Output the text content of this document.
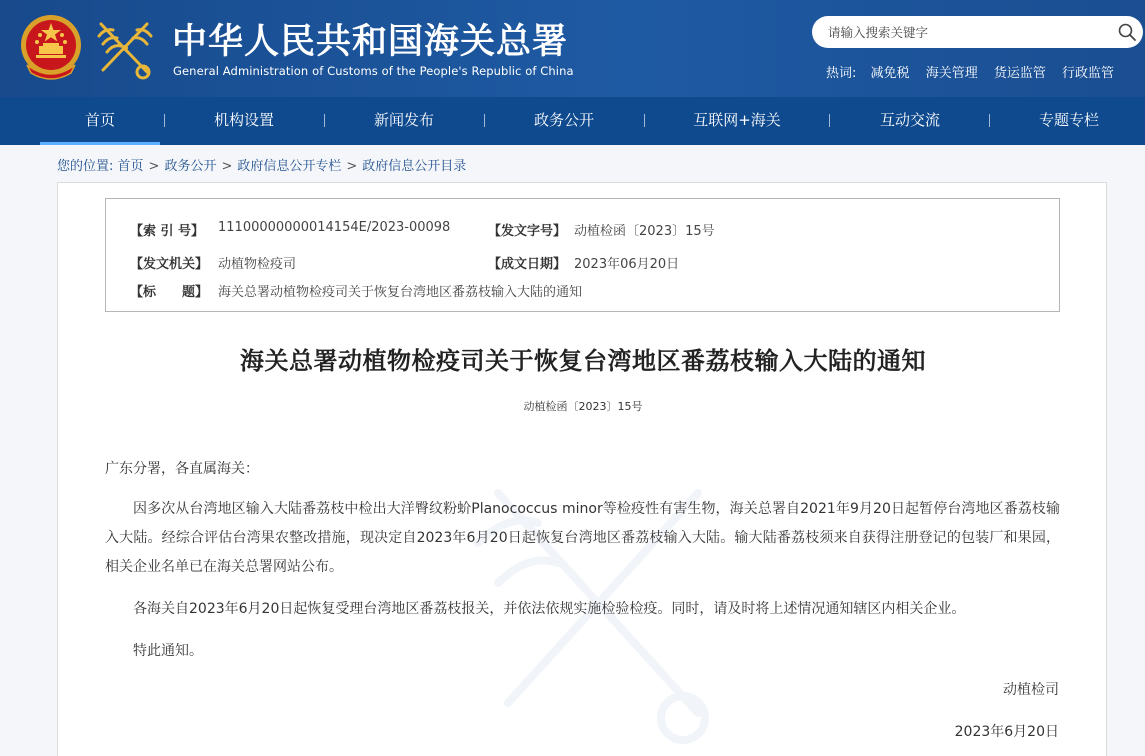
中华人民共和国海关总署
General Administration of Customs of the People's Republic of China
请输入搜索关键字	热词: 减免税 海关管理 货运监管 行政监管
首页	机构设置	新闻发布	政务公开	互联网+海关	互动交流	专题专栏
您的位置: 首页 > 政务公开 > 政府信息公开专栏 > 政府信息公开目录
【索 引 号】 11100000000014154E/2023-00098	【发文字号】 动植检函〔2023〕15号
【发文机关】 动植物检疫司	【成文日期】 2023年06月20日
【标　　题】 海关总署动植物检疫司关于恢复台湾地区番荔枝输入大陆的通知
海关总署动植物检疫司关于恢复台湾地区番荔枝输入大陆的通知
动植检函〔2023〕15号
广东分署，各直属海关：
因多次从台湾地区输入大陆番荔枝中检出大洋臀纹粉蚧Planococcus minor等检疫性有害生物，海关总署自2021年9月20日起暂停台湾地区番荔枝输入大陆。经综合评估台湾果农整改措施，现决定自2023年6月20日起恢复台湾地区番荔枝输入大陆。输大陆番荔枝须来自获得注册登记的包装厂和果园，相关企业名单已在海关总署网站公布。
各海关自2023年6月20日起恢复受理台湾地区番荔枝报关，并依法依规实施检验检疫。同时，请及时将上述情况通知辖区内相关企业。
特此通知。
动植检司
2023年6月20日
